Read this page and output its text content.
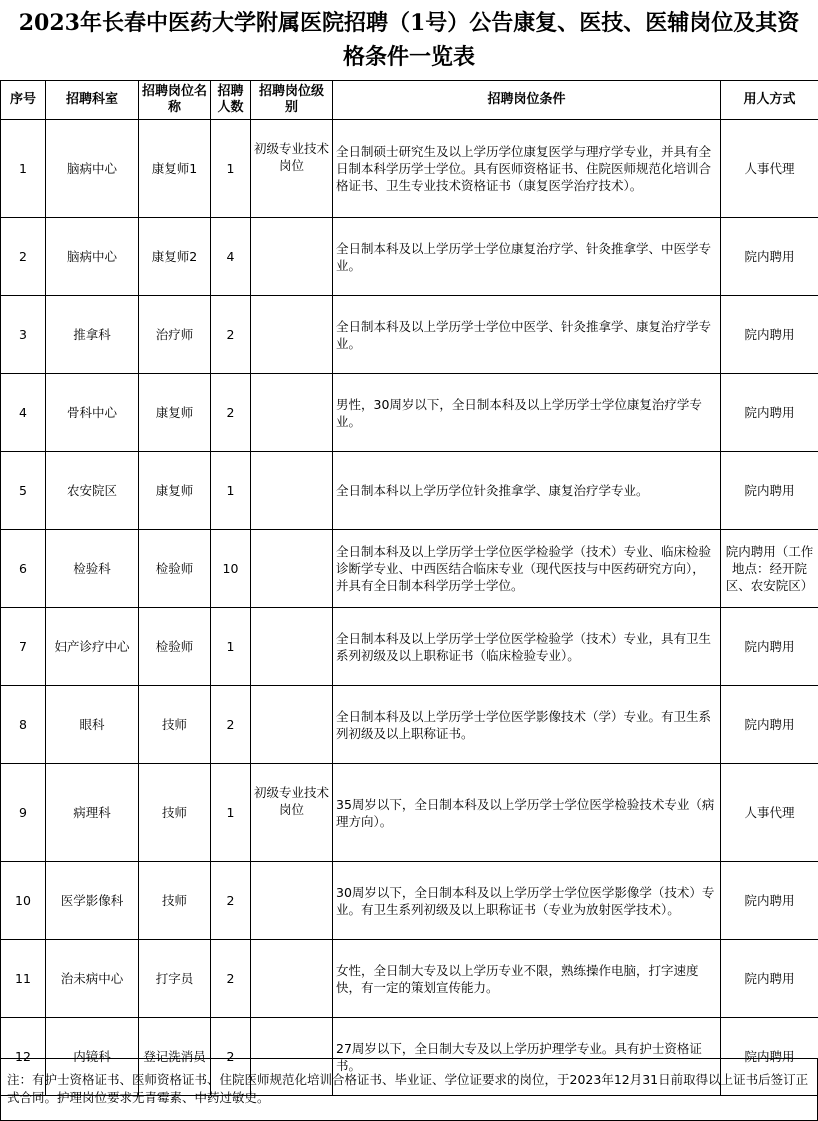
2023年长春中医药大学附属医院招聘（1号）公告康复、医技、医辅岗位及其资格条件一览表
序号	招聘科室	招聘岗位名称	招聘人数	招聘岗位级别	招聘岗位条件	用人方式
1	脑病中心	康复师1	1	初级专业技术岗位	全日制硕士研究生及以上学历学位康复医学与理疗学专业，并具有全日制本科学历学士学位。具有医师资格证书、住院医师规范化培训合格证书、卫生专业技术资格证书（康复医学治疗技术）。	人事代理
2	脑病中心	康复师2	4		全日制本科及以上学历学士学位康复治疗学、针灸推拿学、中医学专业。	院内聘用
3	推拿科	治疗师	2		全日制本科及以上学历学士学位中医学、针灸推拿学、康复治疗学专业。	院内聘用
4	骨科中心	康复师	2		男性，30周岁以下，全日制本科及以上学历学士学位康复治疗学专业。	院内聘用
5	农安院区	康复师	1		全日制本科以上学历学位针灸推拿学、康复治疗学专业。	院内聘用
6	检验科	检验师	10		全日制本科及以上学历学士学位医学检验学（技术）专业、临床检验诊断学专业、中西医结合临床专业（现代医技与中医药研究方向），并具有全日制本科学历学士学位。	院内聘用（工作地点：经开院区、农安院区）
7	妇产诊疗中心	检验师	1		全日制本科及以上学历学士学位医学检验学（技术）专业，具有卫生系列初级及以上职称证书（临床检验专业）。	院内聘用
8	眼科	技师	2		全日制本科及以上学历学士学位医学影像技术（学）专业。有卫生系列初级及以上职称证书。	院内聘用
9	病理科	技师	1	初级专业技术岗位	35周岁以下，全日制本科及以上学历学士学位医学检验技术专业（病理方向）。	人事代理
10	医学影像科	技师	2		30周岁以下，全日制本科及以上学历学士学位医学影像学（技术）专业。有卫生系列初级及以上职称证书（专业为放射医学技术）。	院内聘用
11	治未病中心	打字员	2		女性，全日制大专及以上学历专业不限，熟练操作电脑，打字速度快，有一定的策划宣传能力。	院内聘用
12	内镜科	登记洗消员	2		27周岁以下，全日制大专及以上学历护理学专业。具有护士资格证书。	院内聘用
注：有护士资格证书、医师资格证书、住院医师规范化培训合格证书、毕业证、学位证要求的岗位，于2023年12月31日前取得以上证书后签订正式合同。护理岗位要求无青霉素、中药过敏史。
